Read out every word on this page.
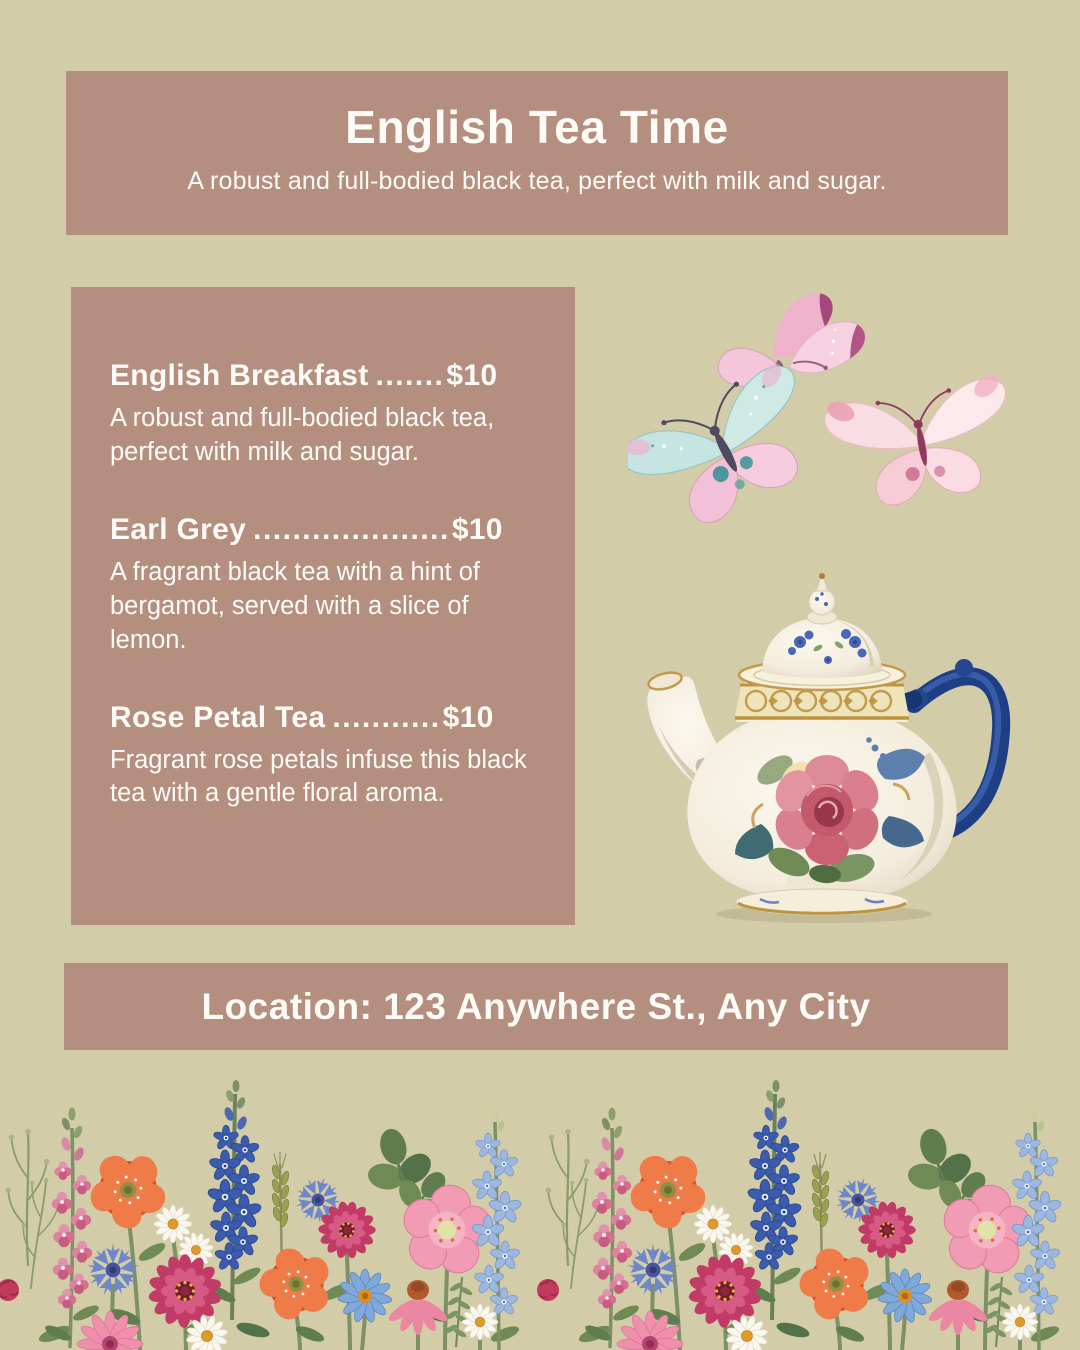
English Tea Time

A robust and full-bodied black tea, perfect with milk and sugar.

English Breakfast .......$10

A robust and full-bodied black tea, perfect with milk and sugar.

Earl Grey ....................$10

A fragrant black tea with a hint of bergamot, served with a slice of lemon.

Rose Petal Tea ...........$10

Fragrant rose petals infuse this black tea with a gentle floral aroma.

Location: 123 Anywhere St., Any City
